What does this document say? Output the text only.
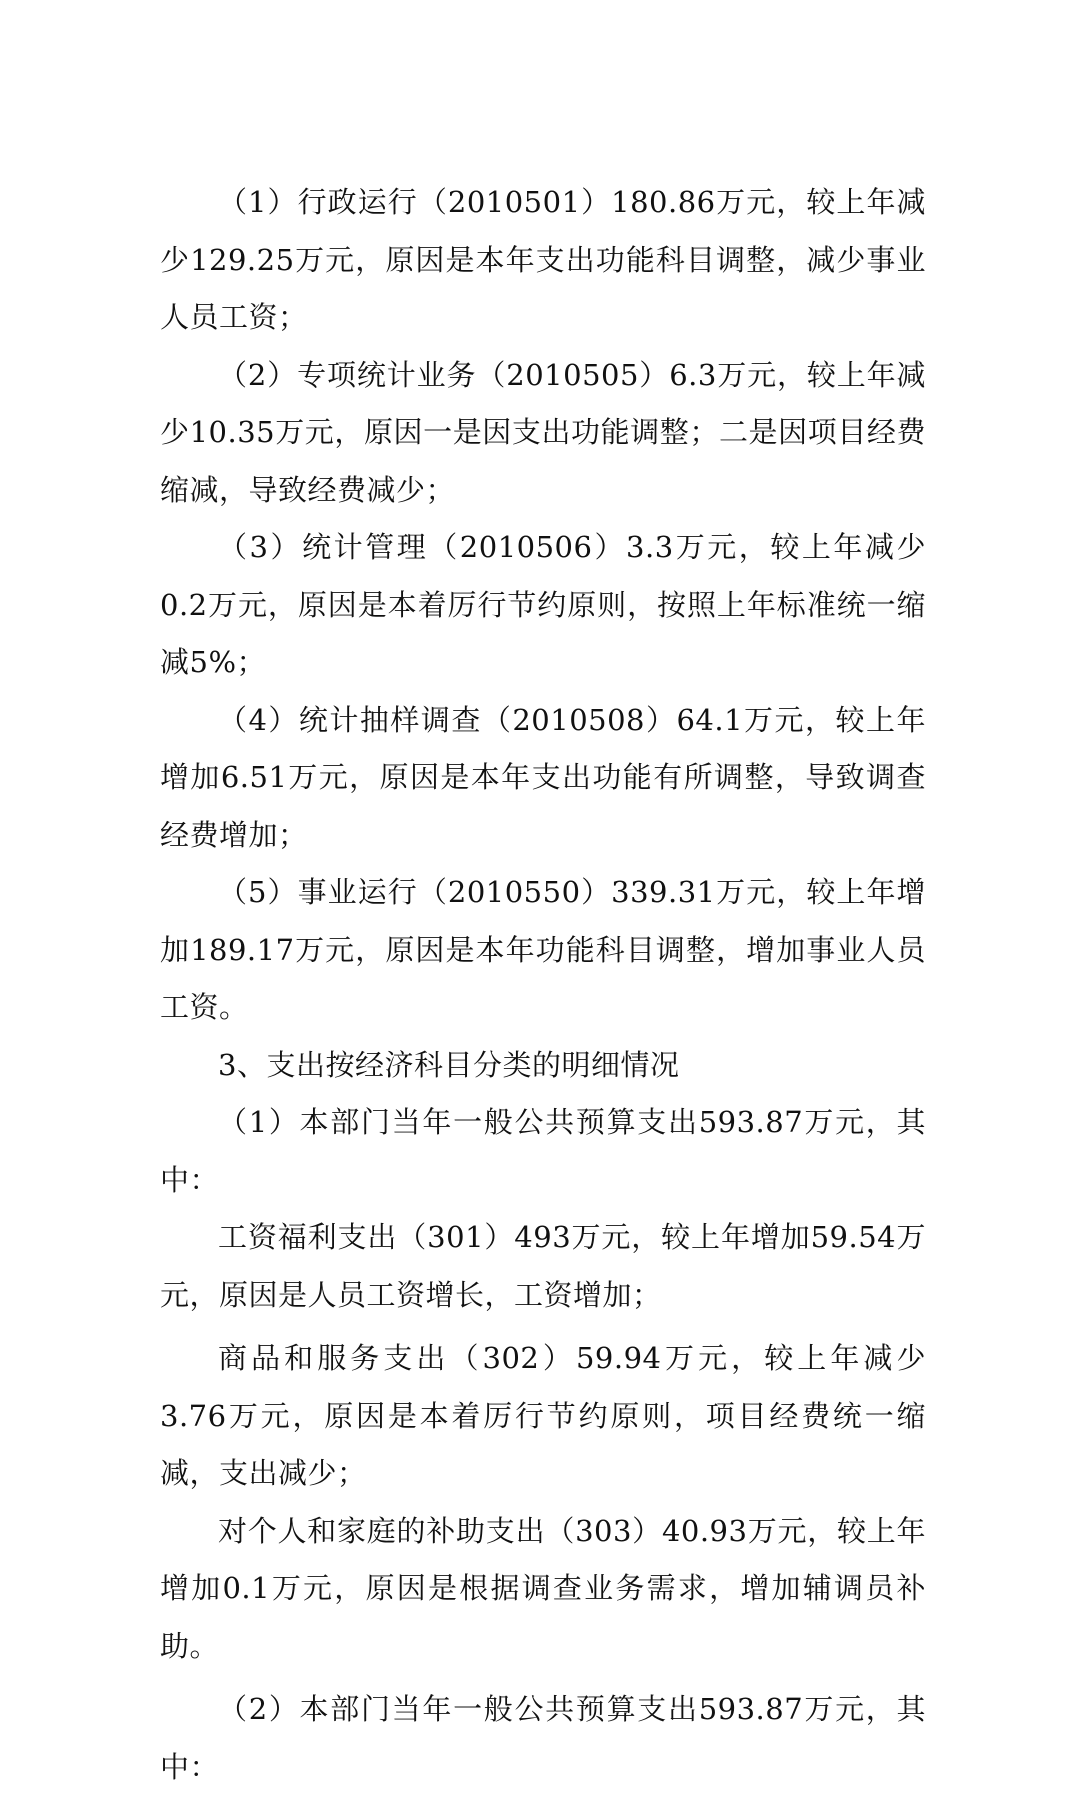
（1）行政运行（2010501）180.86万元，较上年减少129.25万元，原因是本年支出功能科目调整，减少事业人员工资；

（2）专项统计业务（2010505）6.3万元，较上年减少10.35万元，原因一是因支出功能调整；二是因项目经费缩减，导致经费减少；

（3）统计管理（2010506）3.3万元，较上年减少0.2万元，原因是本着厉行节约原则，按照上年标准统一缩减5%；

（4）统计抽样调查（2010508）64.1万元，较上年增加6.51万元，原因是本年支出功能有所调整，导致调查经费增加；

（5）事业运行（2010550）339.31万元，较上年增加189.17万元，原因是本年功能科目调整，增加事业人员工资。

3、支出按经济科目分类的明细情况

（1）本部门当年一般公共预算支出593.87万元，其中：

工资福利支出（301）493万元，较上年增加59.54万元，原因是人员工资增长，工资增加；

商品和服务支出（302）59.94万元，较上年减少3.76万元，原因是本着厉行节约原则，项目经费统一缩减，支出减少；

对个人和家庭的补助支出（303）40.93万元，较上年增加0.1万元，原因是根据调查业务需求，增加辅调员补助。

（2）本部门当年一般公共预算支出593.87万元，其中：
